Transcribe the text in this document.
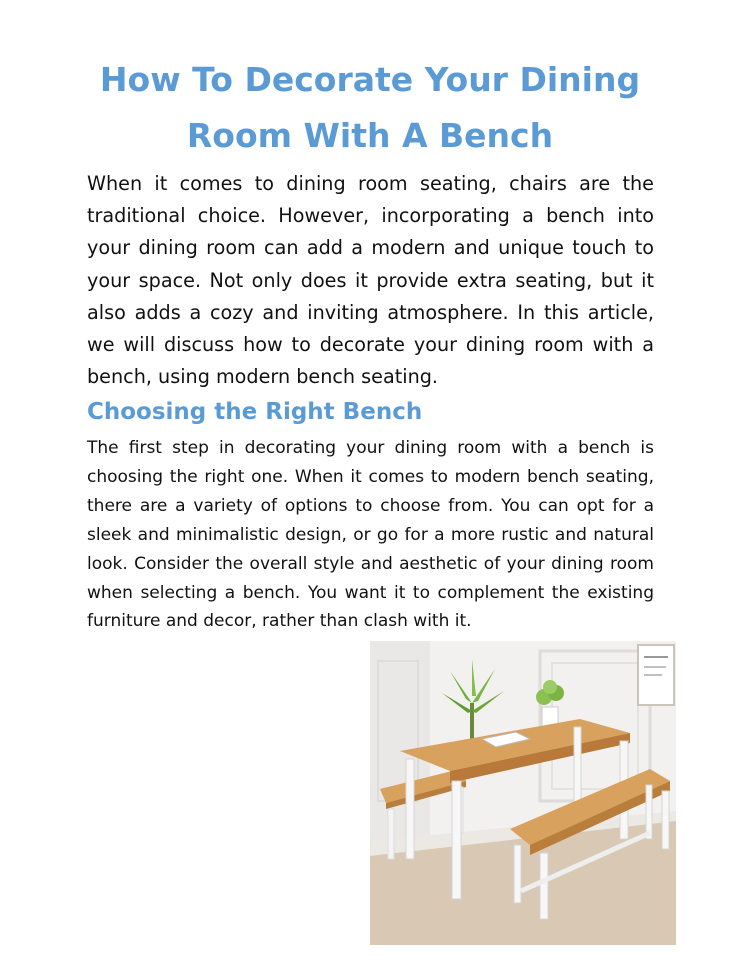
How To Decorate Your Dining Room With A Bench

When it comes to dining room seating, chairs are the traditional choice. However, incorporating a bench into your dining room can add a modern and unique touch to your space. Not only does it provide extra seating, but it also adds a cozy and inviting atmosphere. In this article, we will discuss how to decorate your dining room with a bench, using modern bench seating.

Choosing the Right Bench

The first step in decorating your dining room with a bench is choosing the right one. When it comes to modern bench seating, there are a variety of options to choose from. You can opt for a sleek and minimalistic design, or go for a more rustic and natural look. Consider the overall style and aesthetic of your dining room when selecting a bench. You want it to complement the existing furniture and decor, rather than clash with it.
